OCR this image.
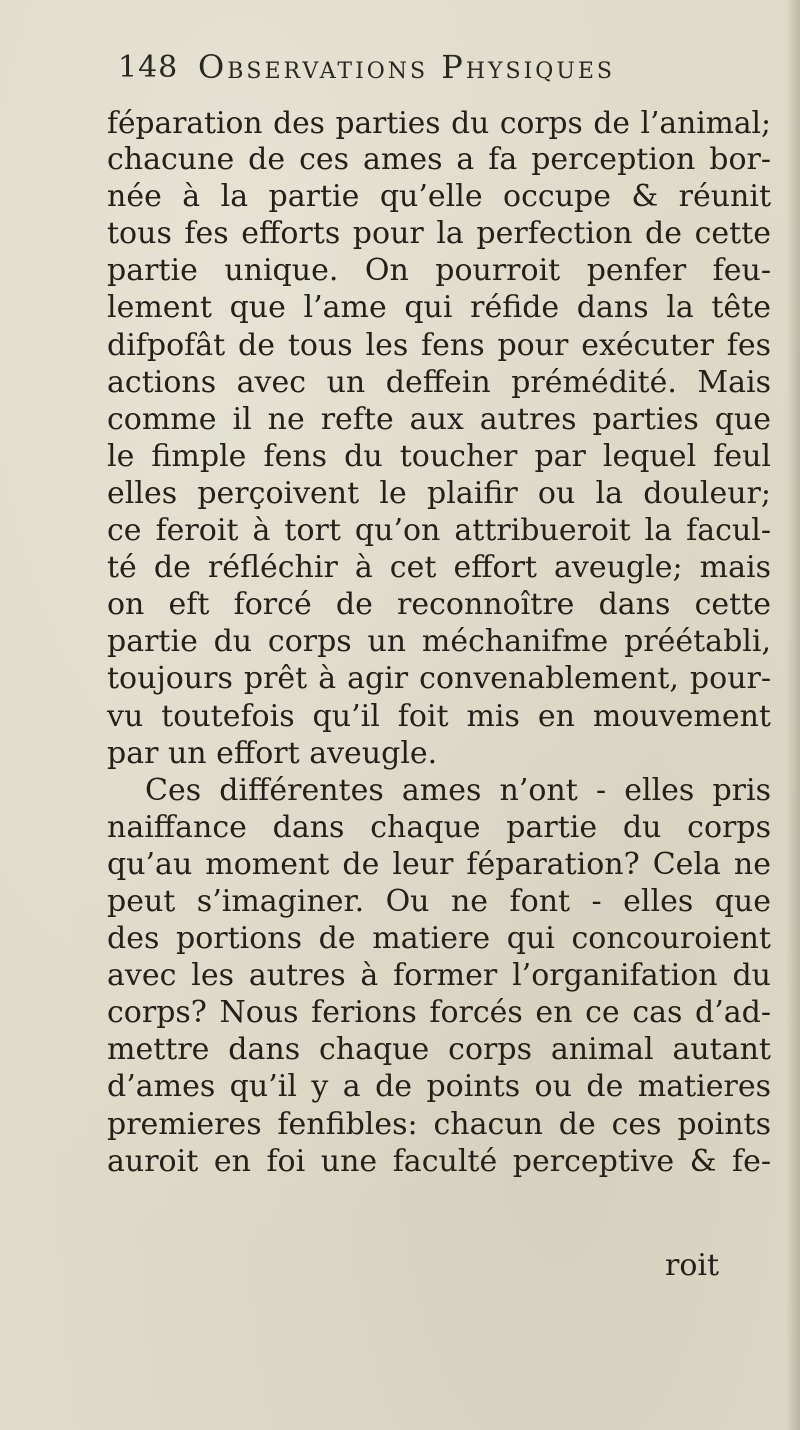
148 Observations Physiques
féparation des parties du corps de l’animal;
chacune de ces ames a fa perception bor-
née à la partie qu’elle occupe & réunit
tous fes efforts pour la perfection de cette
partie unique. On pourroit penfer feu-
lement que l’ame qui réfide dans la tête
difpofât de tous les fens pour exécuter fes
actions avec un deffein prémédité. Mais
comme il ne refte aux autres parties que
le fimple fens du toucher par lequel feul
elles perçoivent le plaifir ou la douleur;
ce feroit à tort qu’on attribueroit la facul-
té de réfléchir à cet effort aveugle; mais
on eft forcé de reconnoître dans cette
partie du corps un méchanifme préétabli,
toujours prêt à agir convenablement, pour-
vu toutefois qu’il foit mis en mouvement
par un effort aveugle.
Ces différentes ames n’ont - elles pris
naiffance dans chaque partie du corps
qu’au moment de leur féparation? Cela ne
peut s’imaginer. Ou ne font - elles que
des portions de matiere qui concouroient
avec les autres à former l’organifation du
corps? Nous ferions forcés en ce cas d’ad-
mettre dans chaque corps animal autant
d’ames qu’il y a de points ou de matieres
premieres fenfibles: chacun de ces points
auroit en foi une faculté perceptive & fe-
roit
